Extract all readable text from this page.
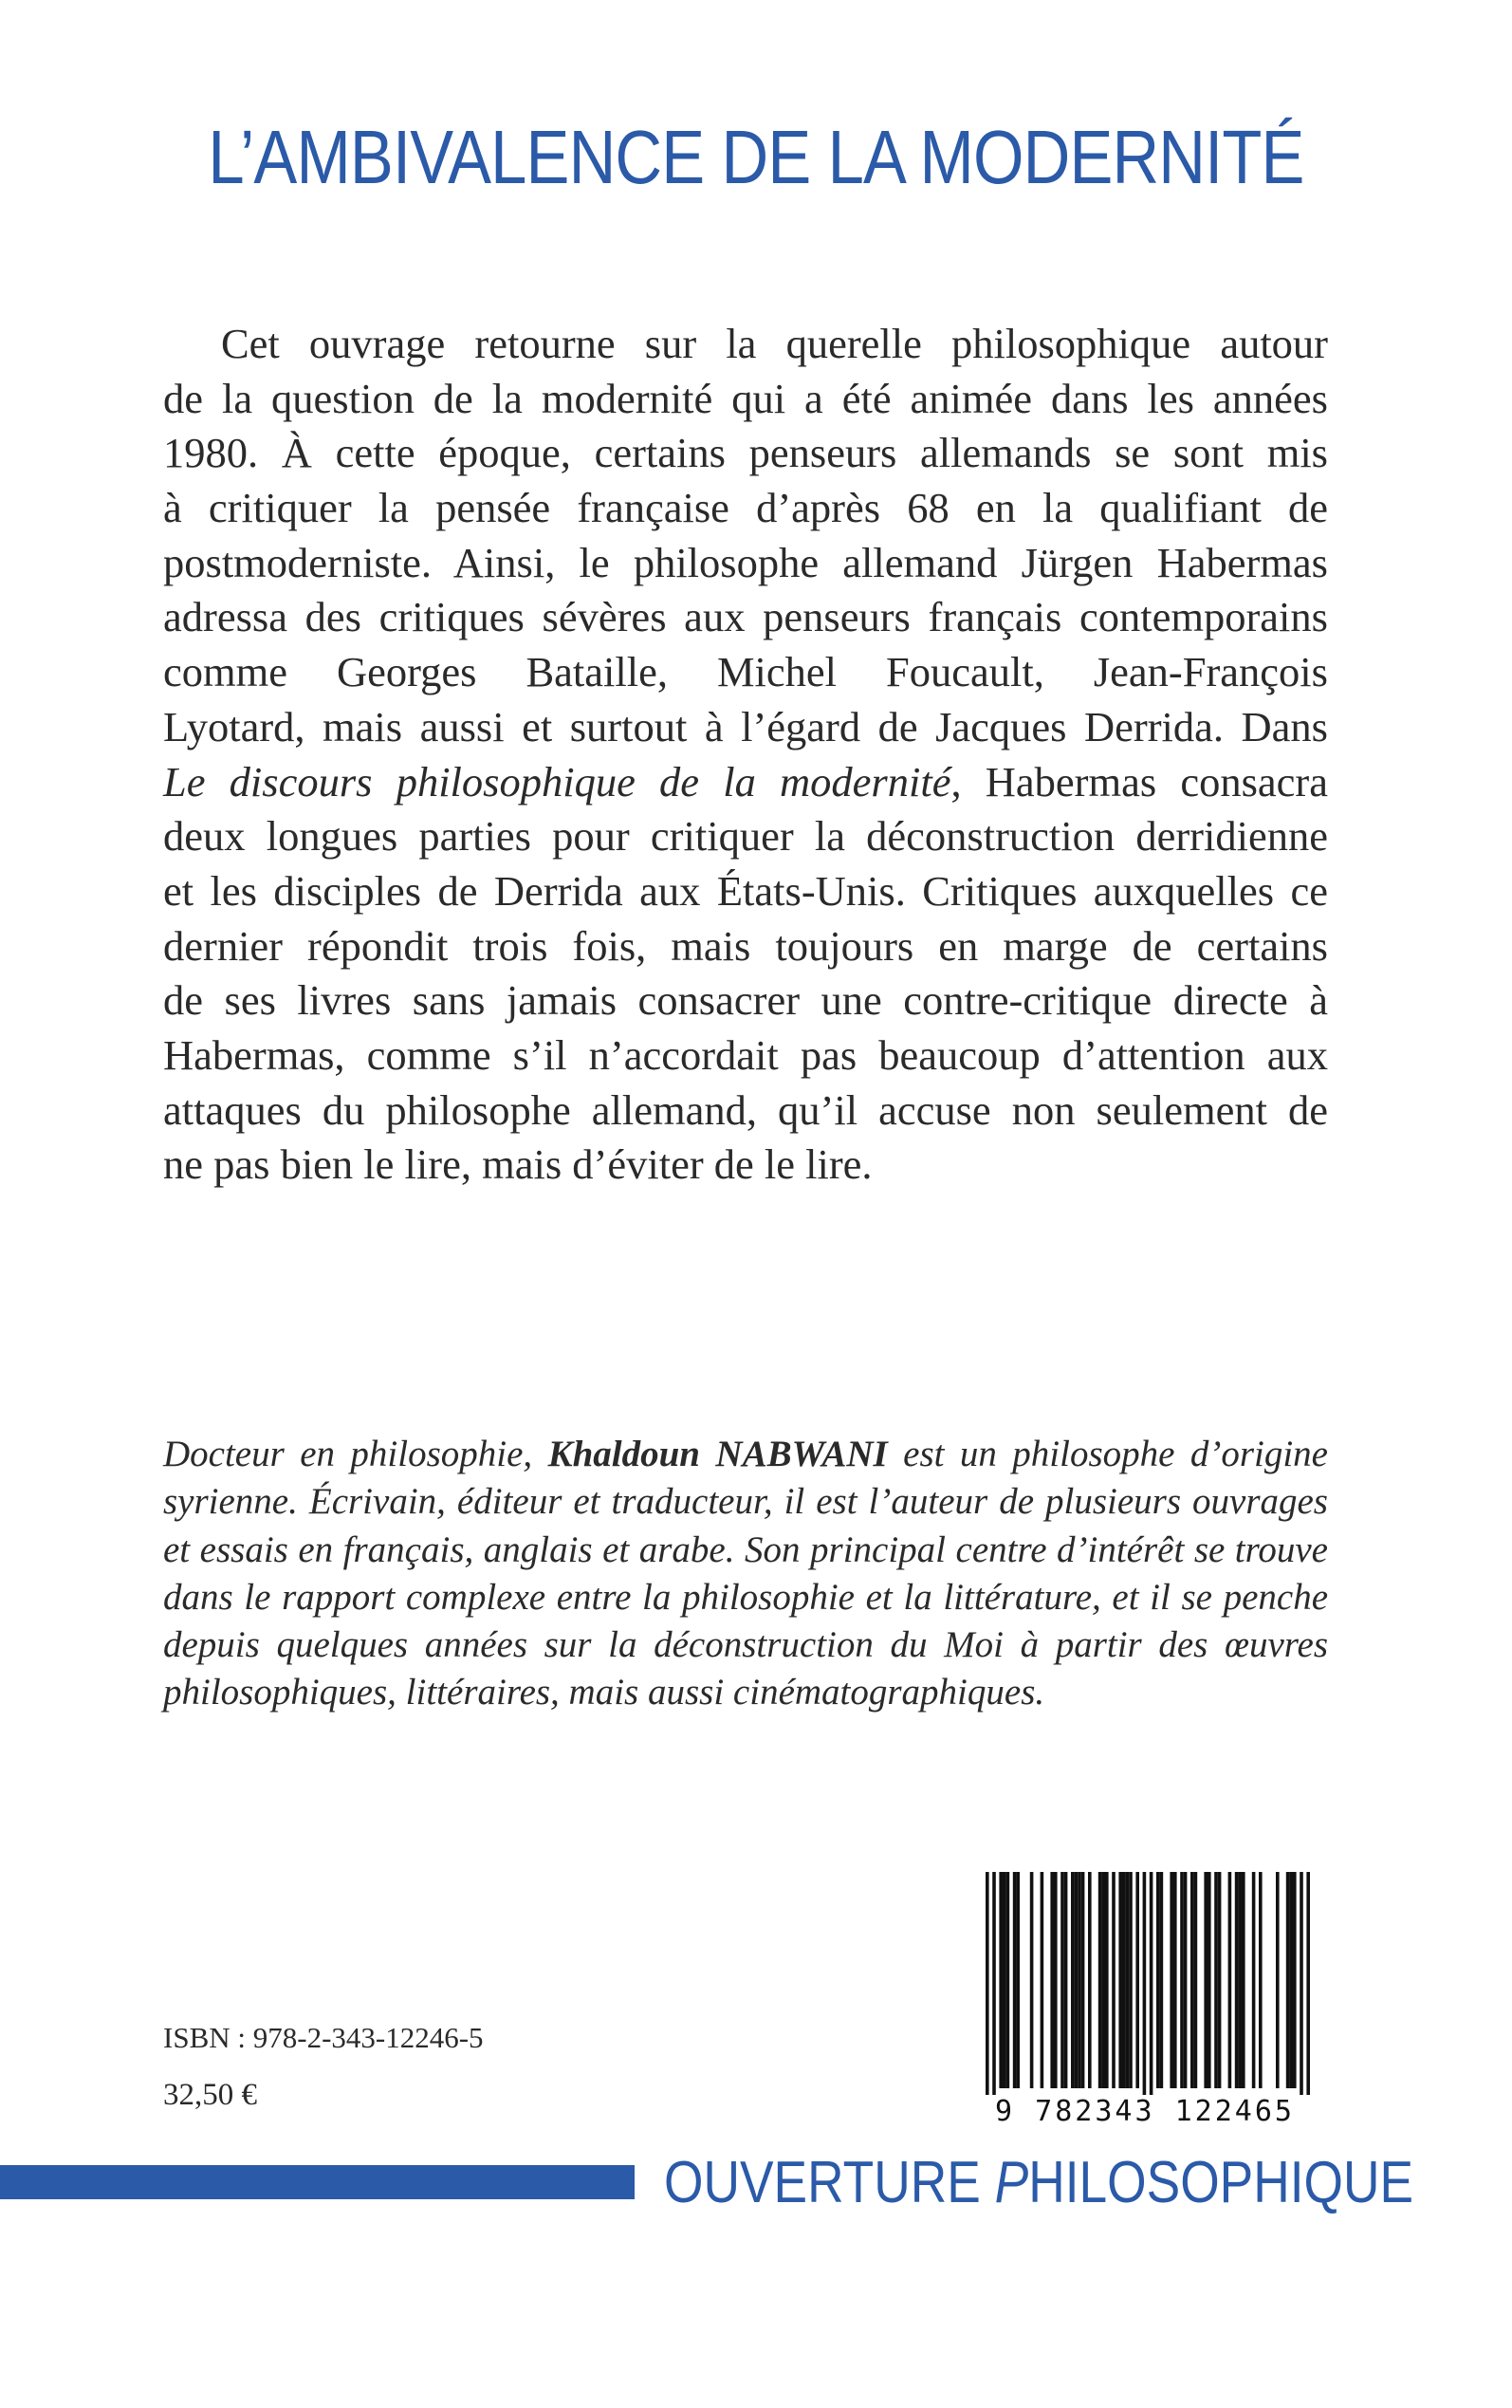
L’AMBIVALENCE DE LA MODERNITÉ
Cet ouvrage retourne sur la querelle philosophique autour
de la question de la modernité qui a été animée dans les années
1980. À cette époque, certains penseurs allemands se sont mis
à critiquer la pensée française d’après 68 en la qualifiant de
postmoderniste. Ainsi, le philosophe allemand Jürgen Habermas
adressa des critiques sévères aux penseurs français contemporains
comme Georges Bataille, Michel Foucault, Jean-François
Lyotard, mais aussi et surtout à l’égard de Jacques Derrida. Dans
Le discours philosophique de la modernité, Habermas consacra
deux longues parties pour critiquer la déconstruction derridienne
et les disciples de Derrida aux États-Unis. Critiques auxquelles ce
dernier répondit trois fois, mais toujours en marge de certains
de ses livres sans jamais consacrer une contre-critique directe à
Habermas, comme s’il n’accordait pas beaucoup d’attention aux
attaques du philosophe allemand, qu’il accuse non seulement de
ne pas bien le lire, mais d’éviter de le lire.
Docteur en philosophie, Khaldoun NABWANI est un philosophe d’origine
syrienne. Écrivain, éditeur et traducteur, il est l’auteur de plusieurs ouvrages
et essais en français, anglais et arabe. Son principal centre d’intérêt se trouve
dans le rapport complexe entre la philosophie et la littérature, et il se penche
depuis quelques années sur la déconstruction du Moi à partir des œuvres
philosophiques, littéraires, mais aussi cinématographiques.
ISBN : 978-2-343-12246-5
32,50 €	9 782343 122465
OUVERTURE PHILOSOPHIQUE
